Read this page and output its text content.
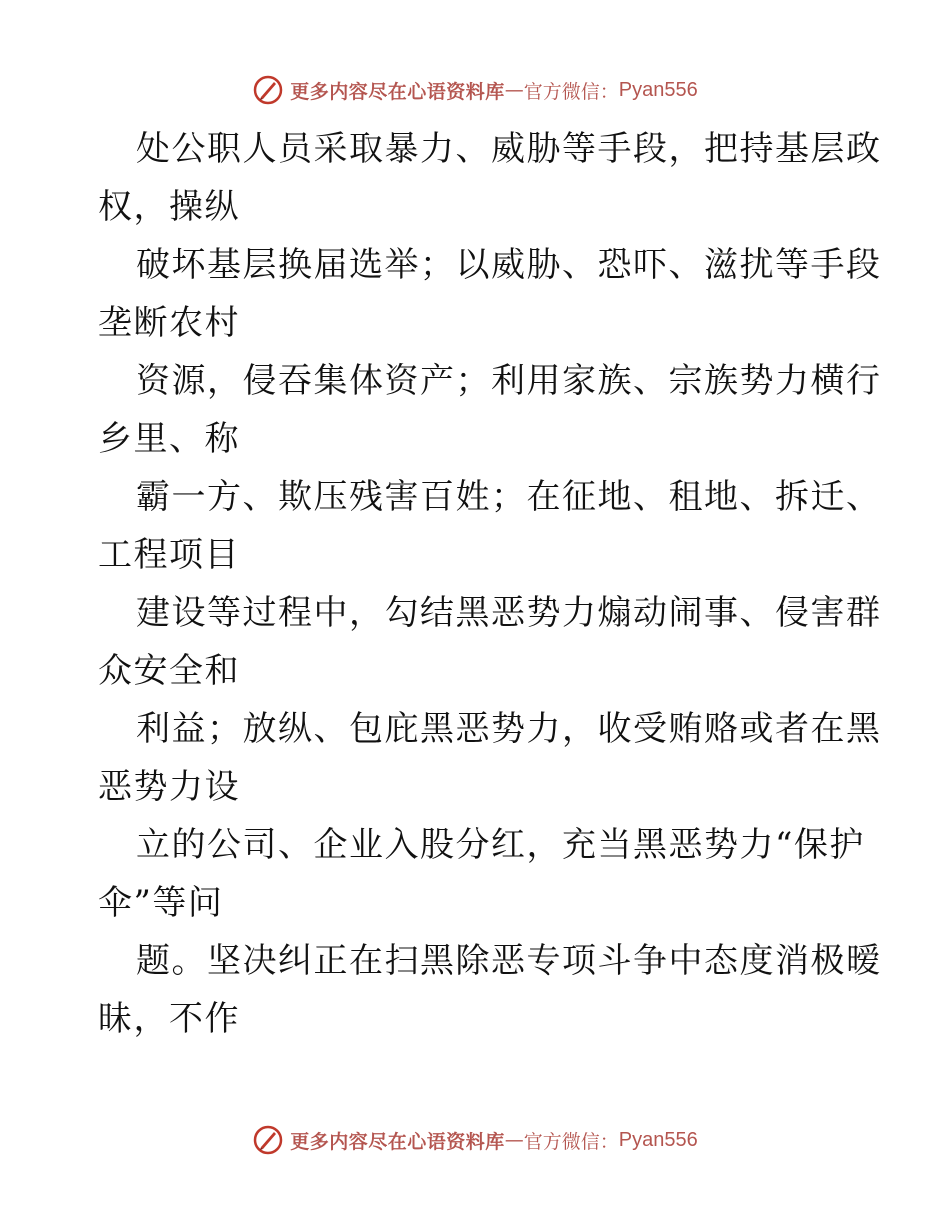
更多内容尽在心语资料库 — 官方微信： Pyan556
处公职人员采取暴力、威胁等手段，把持基层政
权，操纵
破坏基层换届选举；以威胁、恐吓、滋扰等手段
垄断农村
资源，侵吞集体资产；利用家族、宗族势力横行
乡里、称
霸一方、欺压残害百姓；在征地、租地、拆迁、
工程项目
建设等过程中，勾结黑恶势力煽动闹事、侵害群
众安全和
利益；放纵、包庇黑恶势力，收受贿赂或者在黑
恶势力设
立的公司、企业入股分红，充当黑恶势力“保护
伞”等问
题。坚决纠正在扫黑除恶专项斗争中态度消极暧
昧，不作
更多内容尽在心语资料库 — 官方微信： Pyan556
